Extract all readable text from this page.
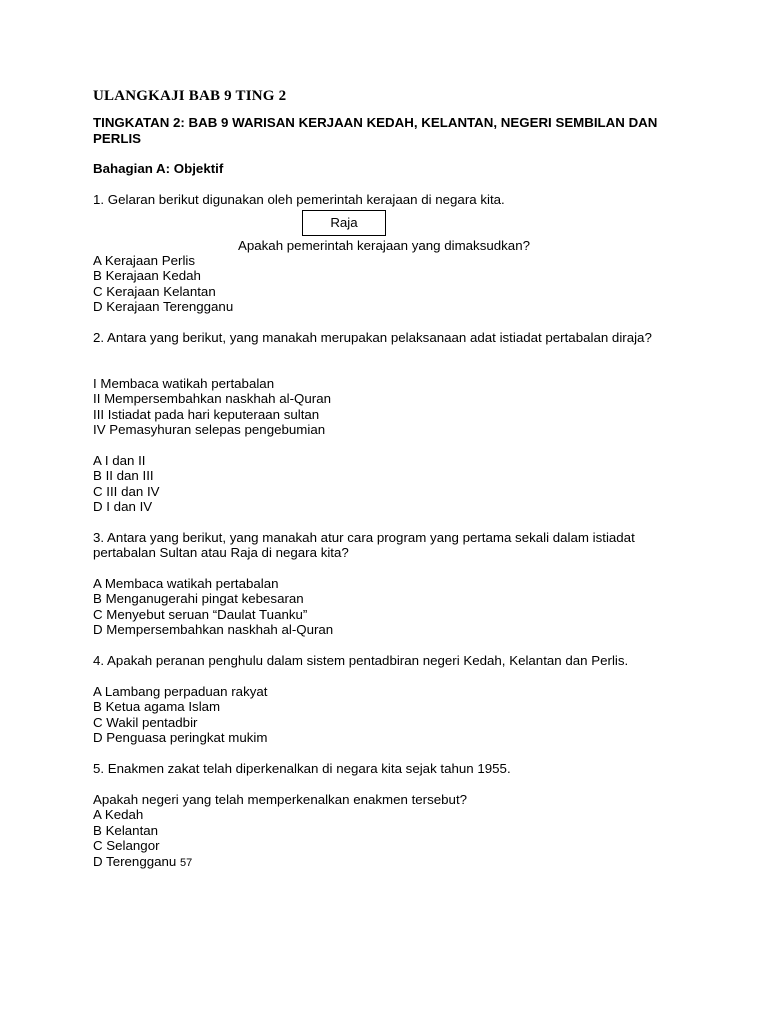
ULANGKAJI BAB 9 TING 2
TINGKATAN 2: BAB 9 WARISAN KERJAAN KEDAH, KELANTAN, NEGERI SEMBILAN DAN PERLIS
Bahagian A: Objektif
1. Gelaran berikut digunakan oleh pemerintah kerajaan di negara kita.
Raja
Apakah pemerintah kerajaan yang dimaksudkan?
A Kerajaan Perlis
B Kerajaan Kedah
C Kerajaan Kelantan
D Kerajaan Terengganu
2. Antara yang berikut, yang manakah merupakan pelaksanaan adat istiadat pertabalan diraja?
I Membaca watikah pertabalan
II Mempersembahkan naskhah al-Quran
III Istiadat pada hari keputeraan sultan
IV Pemasyhuran selepas pengebumian
A I dan II
B II dan III
C III dan IV
D I dan IV
3. Antara yang berikut, yang manakah atur cara program yang pertama sekali dalam istiadat pertabalan Sultan atau Raja di negara kita?
A Membaca watikah pertabalan
B Menganugerahi pingat kebesaran
C Menyebut seruan “Daulat Tuanku”
D Mempersembahkan naskhah al-Quran
4. Apakah peranan penghulu dalam sistem pentadbiran negeri Kedah, Kelantan dan Perlis.
A Lambang perpaduan rakyat
B Ketua agama Islam
C Wakil pentadbir
D Penguasa peringkat mukim
5. Enakmen zakat telah diperkenalkan di negara kita sejak tahun 1955.
Apakah negeri yang telah memperkenalkan enakmen tersebut?
A Kedah
B Kelantan
C Selangor
D Terengganu 57
